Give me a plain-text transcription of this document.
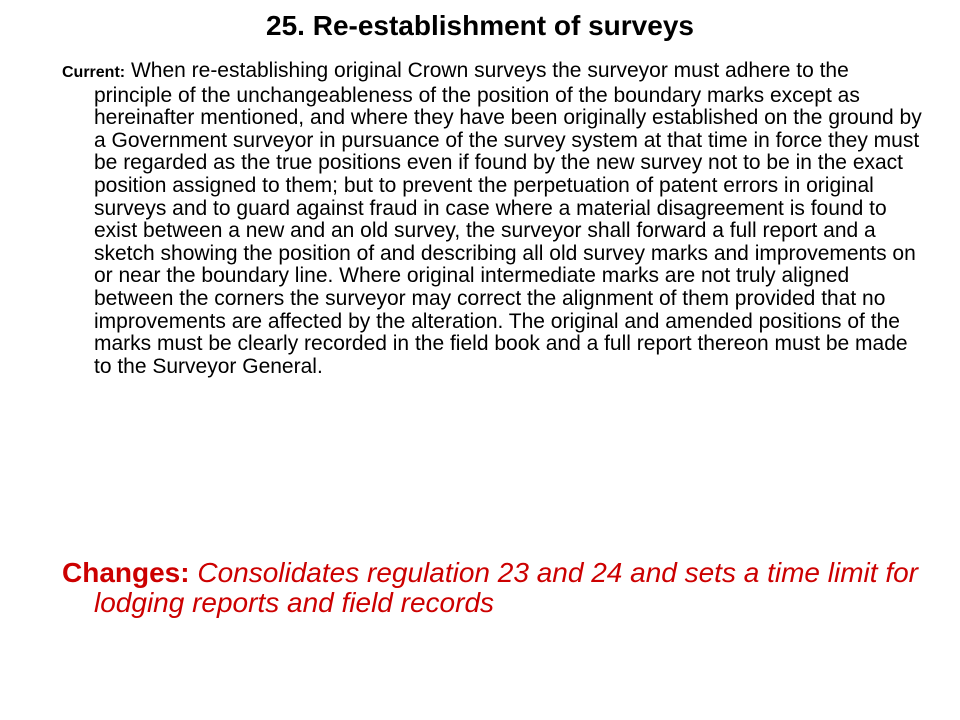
25. Re-establishment of surveys
Current: When re-establishing original Crown surveys the surveyor must adhere to the principle of the unchangeableness of the position of the boundary marks except as hereinafter mentioned, and where they have been originally established on the ground by a Government surveyor in pursuance of the survey system at that time in force they must be regarded as the true positions even if found by the new survey not to be in the exact position assigned to them; but to prevent the perpetuation of patent errors in original surveys and to guard against fraud in case where a material disagreement is found to exist between a new and an old survey, the surveyor shall forward a full report and a sketch showing the position of and describing all old survey marks and improvements on or near the boundary line. Where original intermediate marks are not truly aligned between the corners the surveyor may correct the alignment of them provided that no improvements are affected by the alteration. The original and amended positions of the marks must be clearly recorded in the field book and a full report thereon must be made to the Surveyor General.
Changes: Consolidates regulation 23 and 24 and sets a time limit for lodging reports and field records
